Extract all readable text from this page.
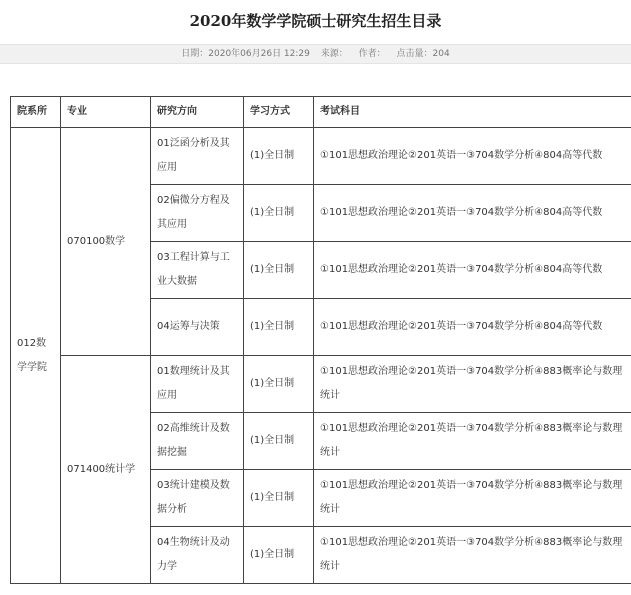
2020年数学学院硕士研究生招生目录
日期：2020年06月26日 12:29 来源： 作者： 点击量：204
院系所	专业	研究方向	学习方式	考试科目
012数学学院	070100数学	01泛函分析及其应用	(1)全日制	①101思想政治理论②201英语一③704数学分析④804高等代数
		02偏微分方程及其应用	(1)全日制	①101思想政治理论②201英语一③704数学分析④804高等代数
		03工程计算与工业大数据	(1)全日制	①101思想政治理论②201英语一③704数学分析④804高等代数
		04运筹与决策	(1)全日制	①101思想政治理论②201英语一③704数学分析④804高等代数
	071400统计学	01数理统计及其应用	(1)全日制	①101思想政治理论②201英语一③704数学分析④883概率论与数理统计
		02高维统计及数据挖掘	(1)全日制	①101思想政治理论②201英语一③704数学分析④883概率论与数理统计
		03统计建模及数据分析	(1)全日制	①101思想政治理论②201英语一③704数学分析④883概率论与数理统计
		04生物统计及动力学	(1)全日制	①101思想政治理论②201英语一③704数学分析④883概率论与数理统计
